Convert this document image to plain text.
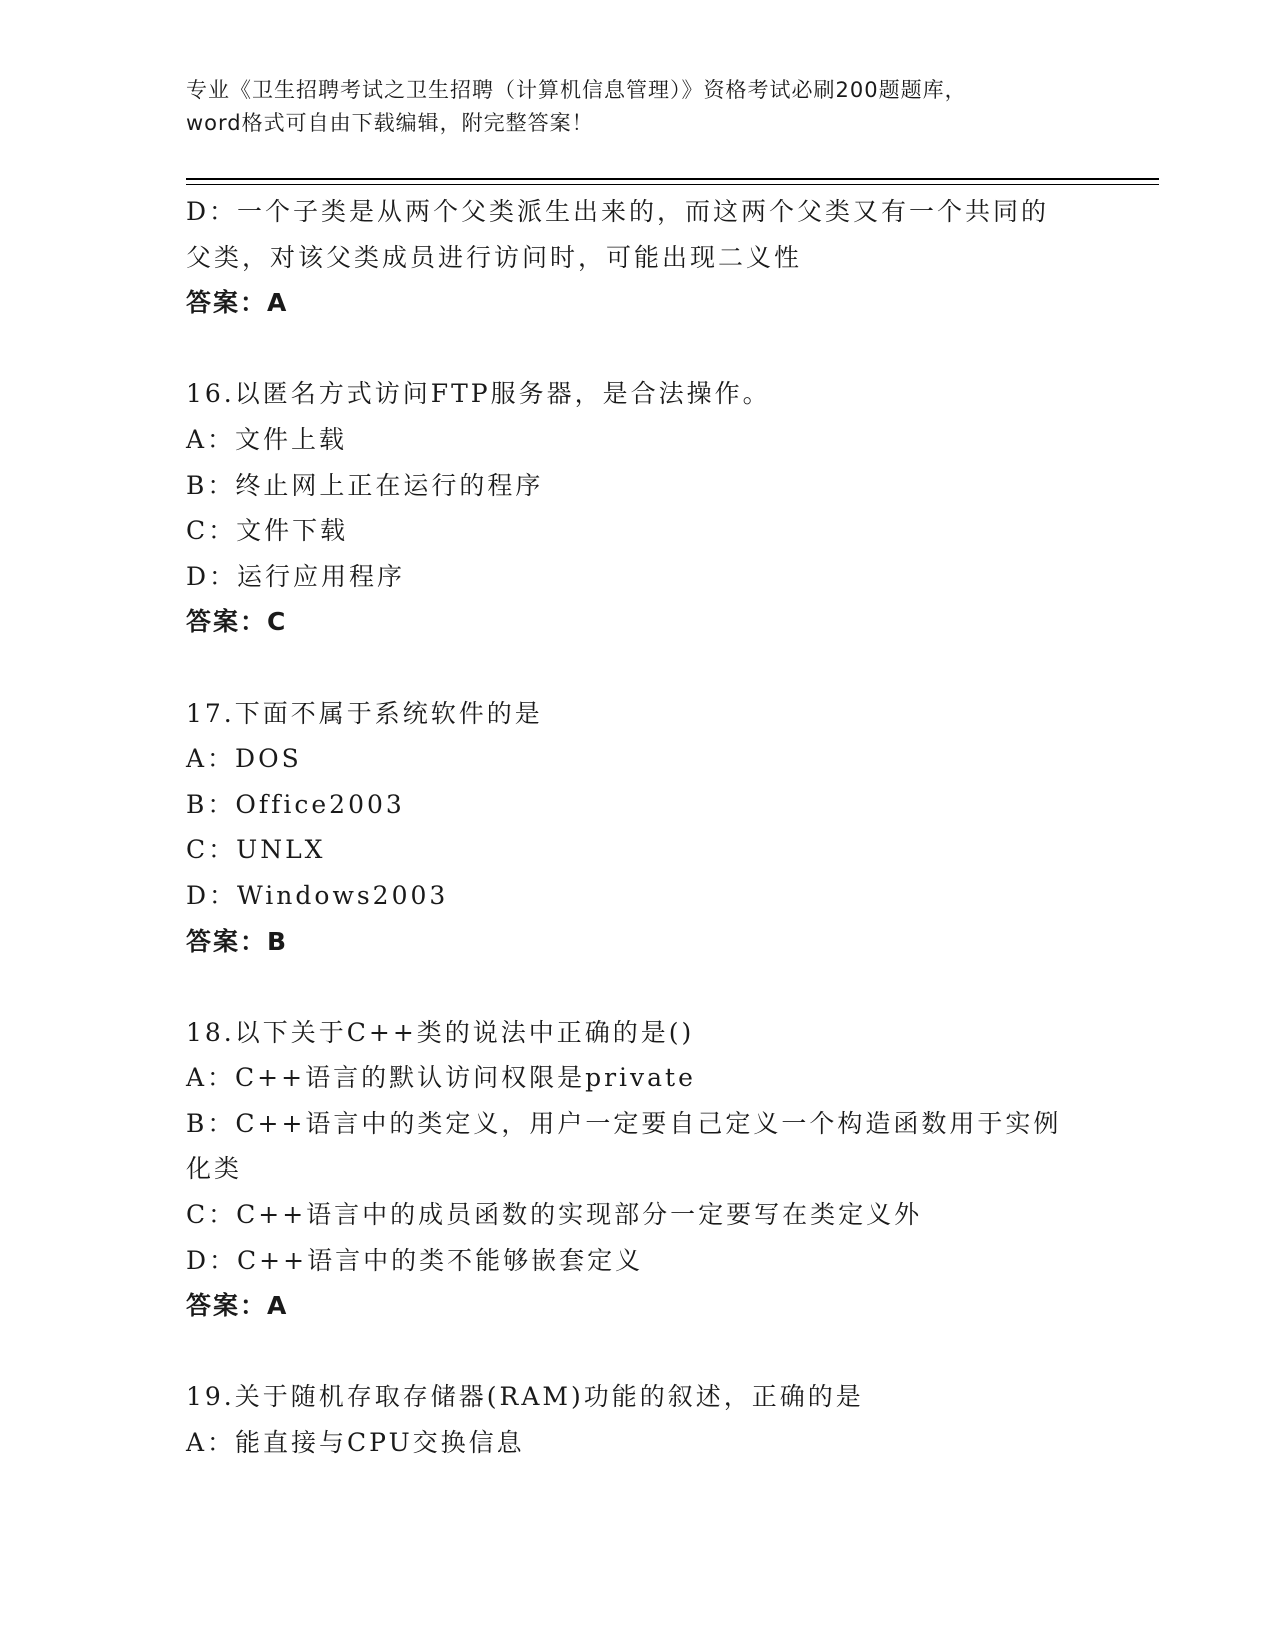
专业《卫生招聘考试之卫生招聘（计算机信息管理）》资格考试必刷200题题库，
word格式可自由下载编辑，附完整答案！
D：一个子类是从两个父类派生出来的，而这两个父类又有一个共同的
父类，对该父类成员进行访问时，可能出现二义性
答案：A
16.以匿名方式访问FTP服务器，是合法操作。
A：文件上载
B：终止网上正在运行的程序
C：文件下载
D：运行应用程序
答案：C
17.下面不属于系统软件的是
A：DOS
B：Office2003
C：UNLX
D：Windows2003
答案：B
18.以下关于C++类的说法中正确的是()
A：C++语言的默认访问权限是private
B：C++语言中的类定义，用户一定要自己定义一个构造函数用于实例
化类
C：C++语言中的成员函数的实现部分一定要写在类定义外
D：C++语言中的类不能够嵌套定义
答案：A
19.关于随机存取存储器(RAM)功能的叙述，正确的是
A：能直接与CPU交换信息
